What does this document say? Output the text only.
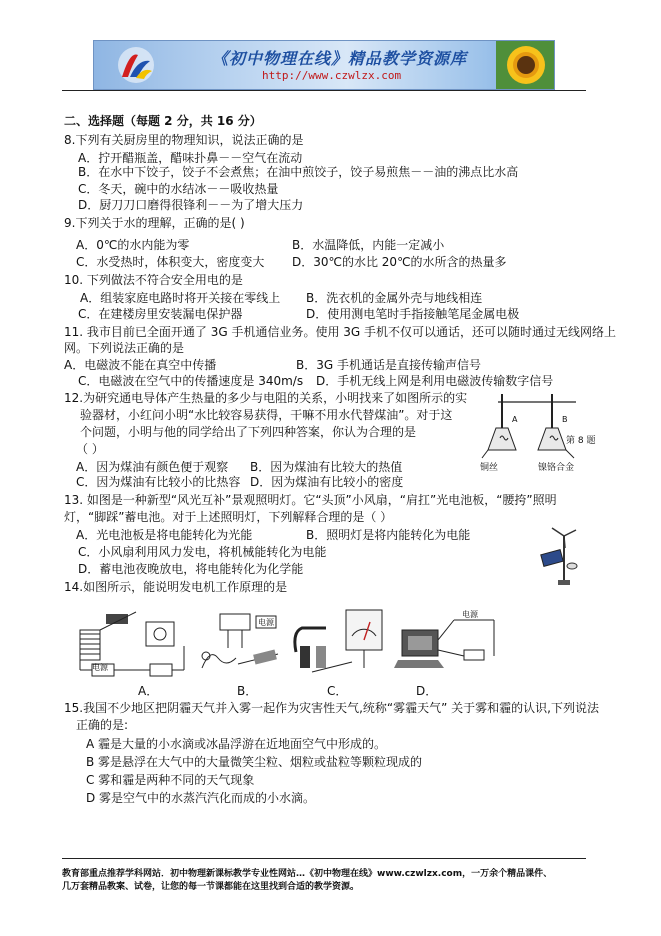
《初中物理在线》精品教学资源库
http://www.czwlzx.com
二、选择题（每题 2 分，共 16 分）
8.下列有关厨房里的物理知识，说法正确的是
A．拧开醋瓶盖，醋味扑鼻－－空气在流动
B．在水中下饺子，饺子不会煮焦；在油中煎饺子，饺子易煎焦－－油的沸点比水高
C．冬天，碗中的水结冰－－吸收热量
D．厨刀刀口磨得很锋利－－为了增大压力
9.下列关于水的理解，正确的是( )
A．0℃的水内能为零	B．水温降低，内能一定减小
C．水受热时，体积变大，密度变大 D．30℃的水比 20℃的水所含的热量多
10. 下列做法不符合安全用电的是
A．组装家庭电路时将开关接在零线上 B．洗衣机的金属外壳与地线相连
C．在建楼房里安装漏电保护器	D．使用测电笔时手指接触笔尾金属电极
11. 我市目前已全面开通了 3G 手机通信业务。使用 3G 手机不仅可以通话，还可以随时通过无线网络上
网。下列说法正确的是
A．电磁波不能在真空中传播	B．3G 手机通话是直接传输声信号
C．电磁波在空气中的传播速度是 340m/s D．手机无线上网是利用电磁波传输数字信号
12.为研究通电导体产生热量的多少与电阻的关系，小明找来了如图所示的实
验器材，小红问小明“水比较容易获得，干嘛不用水代替煤油”。对于这
个问题，小明与他的同学给出了下列四种答案，你认为合理的是
（ ）
A．因为煤油有颜色便于观察 B．因为煤油有比较大的热值
C．因为煤油有比较小的比热容 D．因为煤油有比较小的密度
A	B
第 8 题
铜丝	镍铬合金
13. 如图是一种新型“风光互补”景观照明灯。它“头顶”小风扇，“肩扛”光电池板，“腰挎”照明
灯，“脚踩”蓄电池。对于上述照明灯，下列解释合理的是（ ）
A．光电池板是将电能转化为光能	B．照明灯是将内能转化为电能
C．小风扇利用风力发电，将机械能转化为电能
D．蓄电池夜晚放电，将电能转化为化学能
14.如图所示，能说明发电机工作原理的是
电源
电源
电源
A．	B．	C．	D．
15.我国不少地区把阴霾天气并入雾一起作为灾害性天气,统称“雾霾天气” 关于雾和霾的认识,下列说法
正确的是:
A 霾是大量的小水滴或冰晶浮游在近地面空气中形成的。
B 雾是悬浮在大气中的大量微笑尘粒、烟粒或盐粒等颗粒现成的
C 雾和霾是两种不同的天气现象
D 雾是空气中的水蒸汽汽化而成的小水滴。
教育部重点推荐学科网站．初中物理新课标教学专业性网站…《初中物理在线》www.czwlzx.com，一万余个精品课件、
几万套精品教案、试卷，让您的每一节课都能在这里找到合适的教学资源。
